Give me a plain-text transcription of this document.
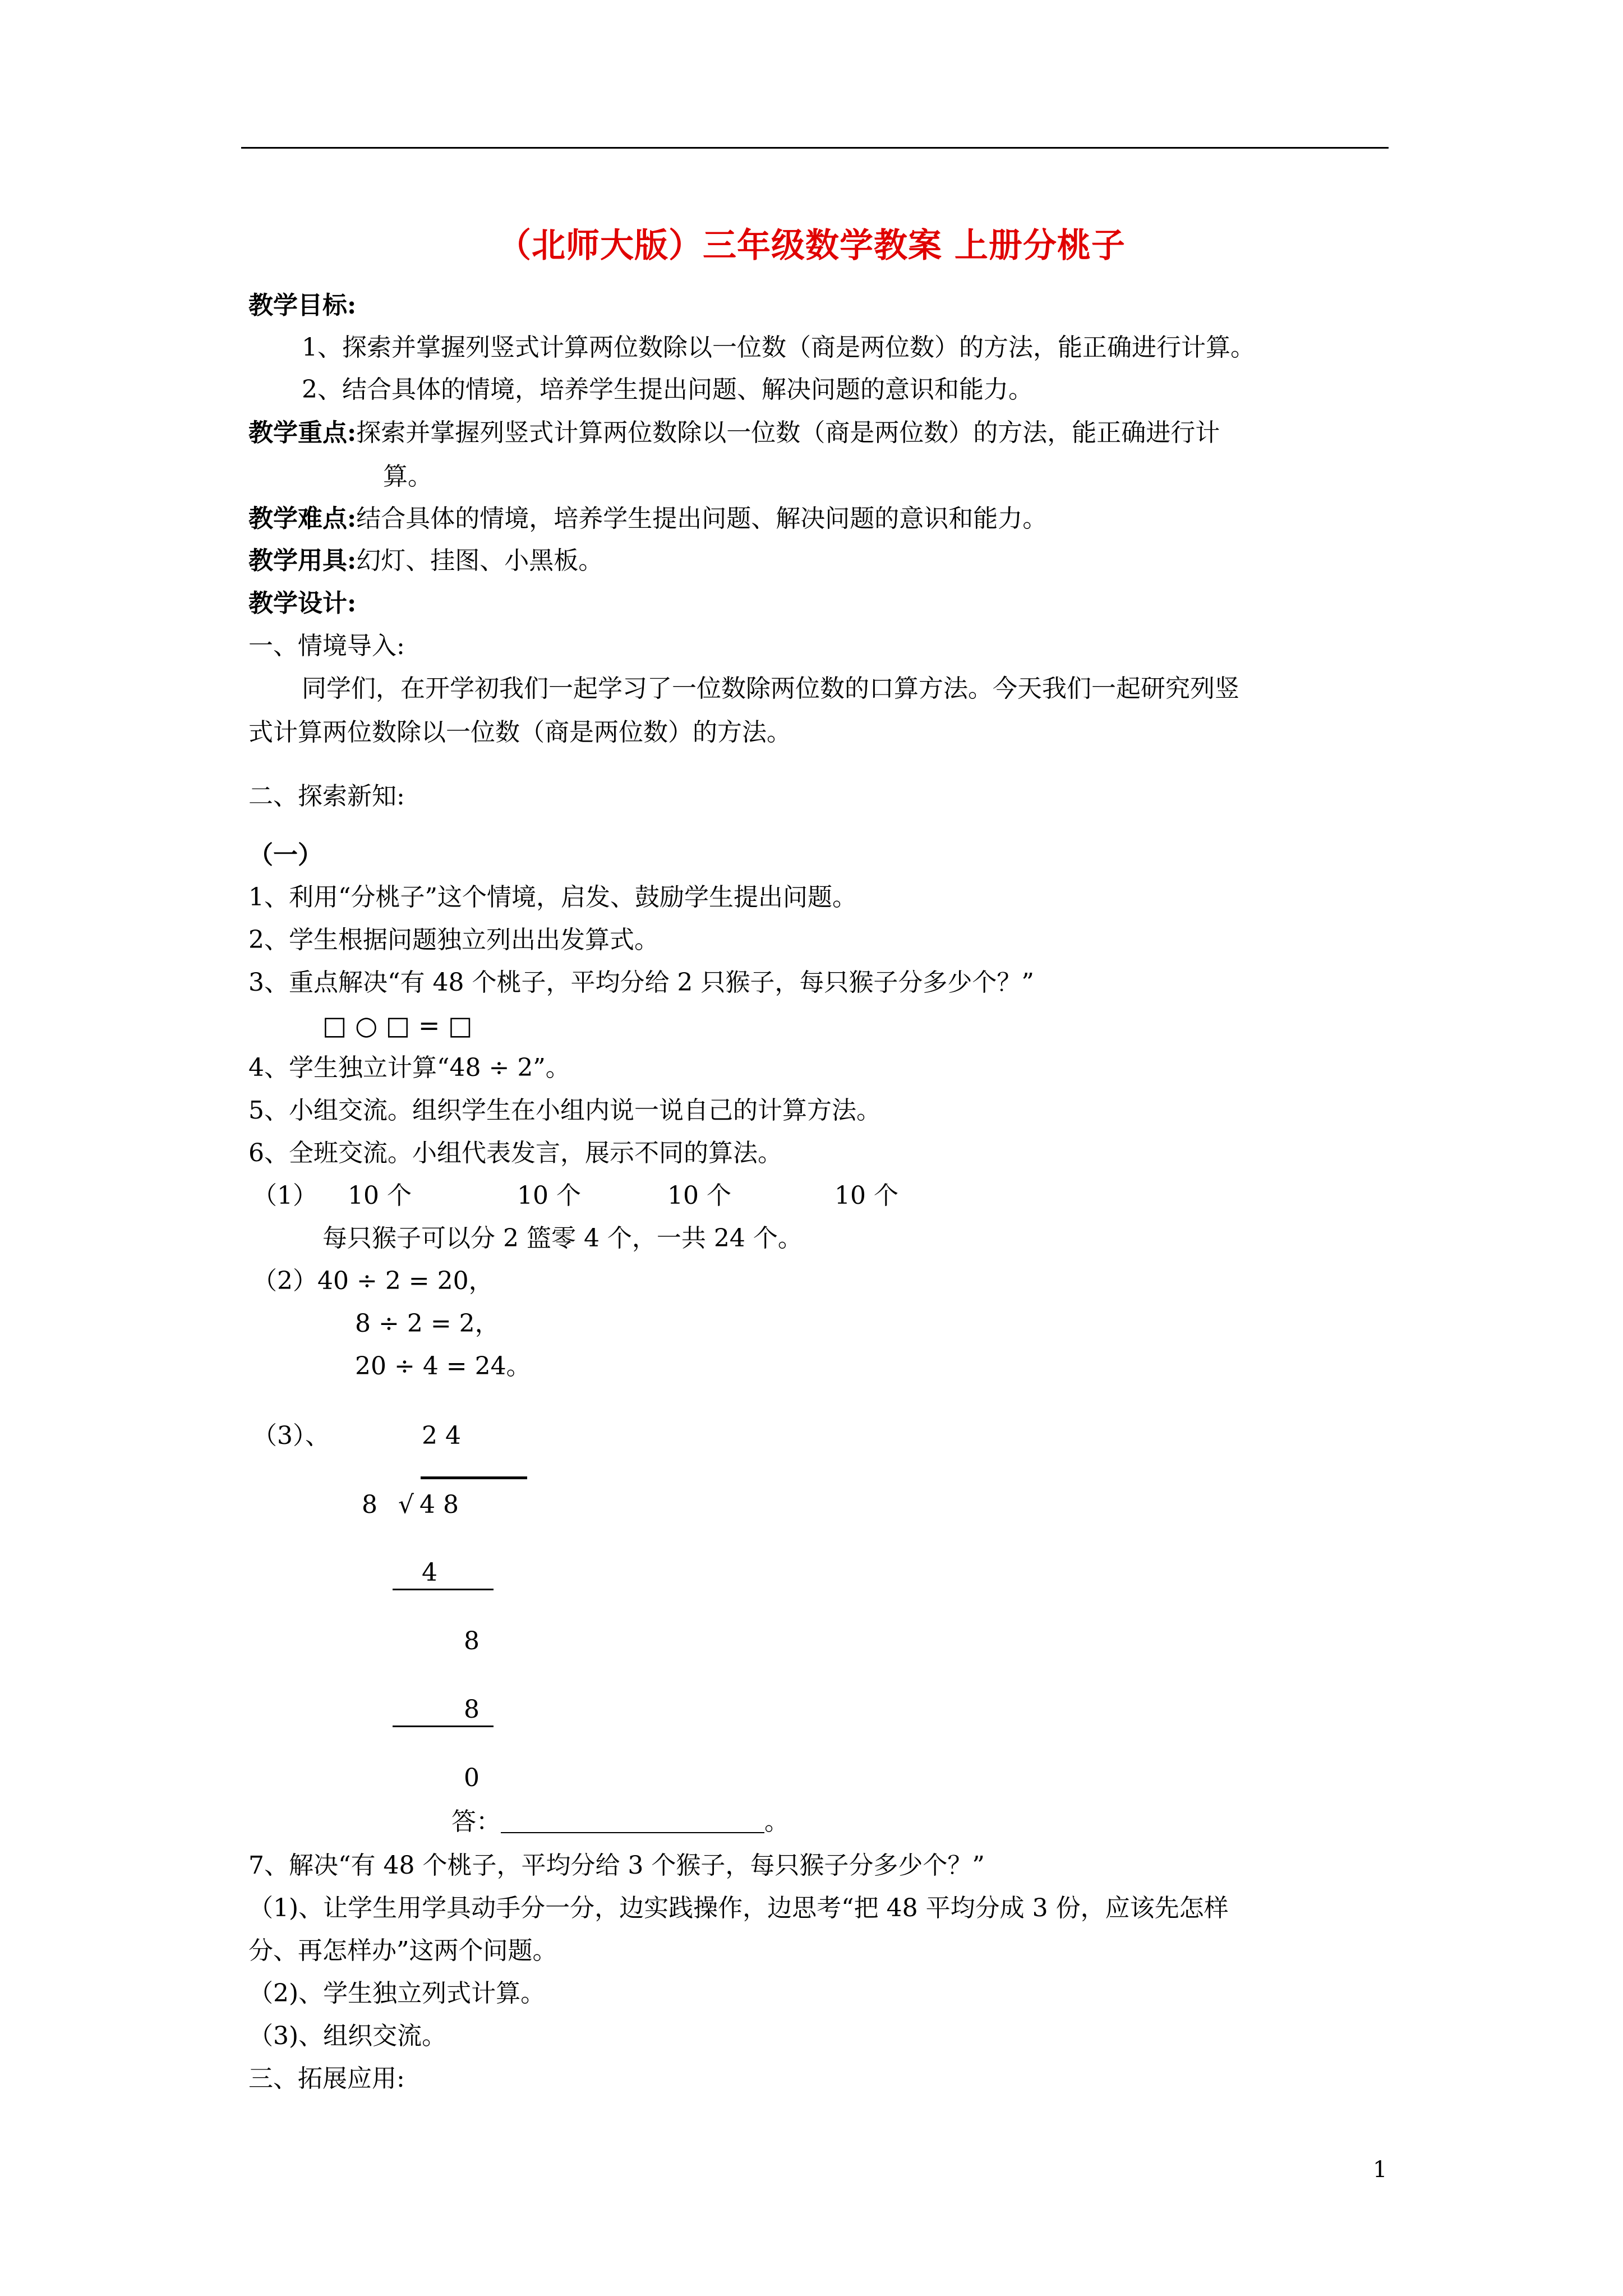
（北师大版）三年级数学教案 上册分桃子
教学目标:
1、探索并掌握列竖式计算两位数除以一位数（商是两位数）的方法，能正确进行计算。
2、结合具体的情境，培养学生提出问题、解决问题的意识和能力。
教学重点:探索并掌握列竖式计算两位数除以一位数（商是两位数）的方法，能正确进行计
算。
教学难点:结合具体的情境，培养学生提出问题、解决问题的意识和能力。
教学用具:幻灯、挂图、小黑板。
教学设计:
一、情境导入:
同学们，在开学初我们一起学习了一位数除两位数的口算方法。今天我们一起研究列竖
式计算两位数除以一位数（商是两位数）的方法。
二、探索新知:
（一）
1、利用“分桃子”这个情境，启发、鼓励学生提出问题。
2、学生根据问题独立列出出发算式。
3、重点解决“有 48 个桃子，平均分给 2 只猴子，每只猴子分多少个？”
□ ○ □ = □
4、学生独立计算“48 ÷ 2”。
5、小组交流。组织学生在小组内说一说自己的计算方法。
6、全班交流。小组代表发言，展示不同的算法。
（1） 10 个	10 个	10 个	10 个
每只猴子可以分 2 篮零 4 个，一共 24 个。
（2）40 ÷ 2 = 20，
8 ÷ 2 = 2，
20 ÷ 4 = 24。
（3）、	2 4
8 √ 4 8
4
8
8
0
答：	。
7、解决“有 48 个桃子，平均分给 3 个猴子，每只猴子分多少个？”
（1)、让学生用学具动手分一分，边实践操作，边思考“把 48 平均分成 3 份，应该先怎样
分、再怎样办”这两个问题。
（2)、学生独立列式计算。
（3)、组织交流。
三、拓展应用:
1
